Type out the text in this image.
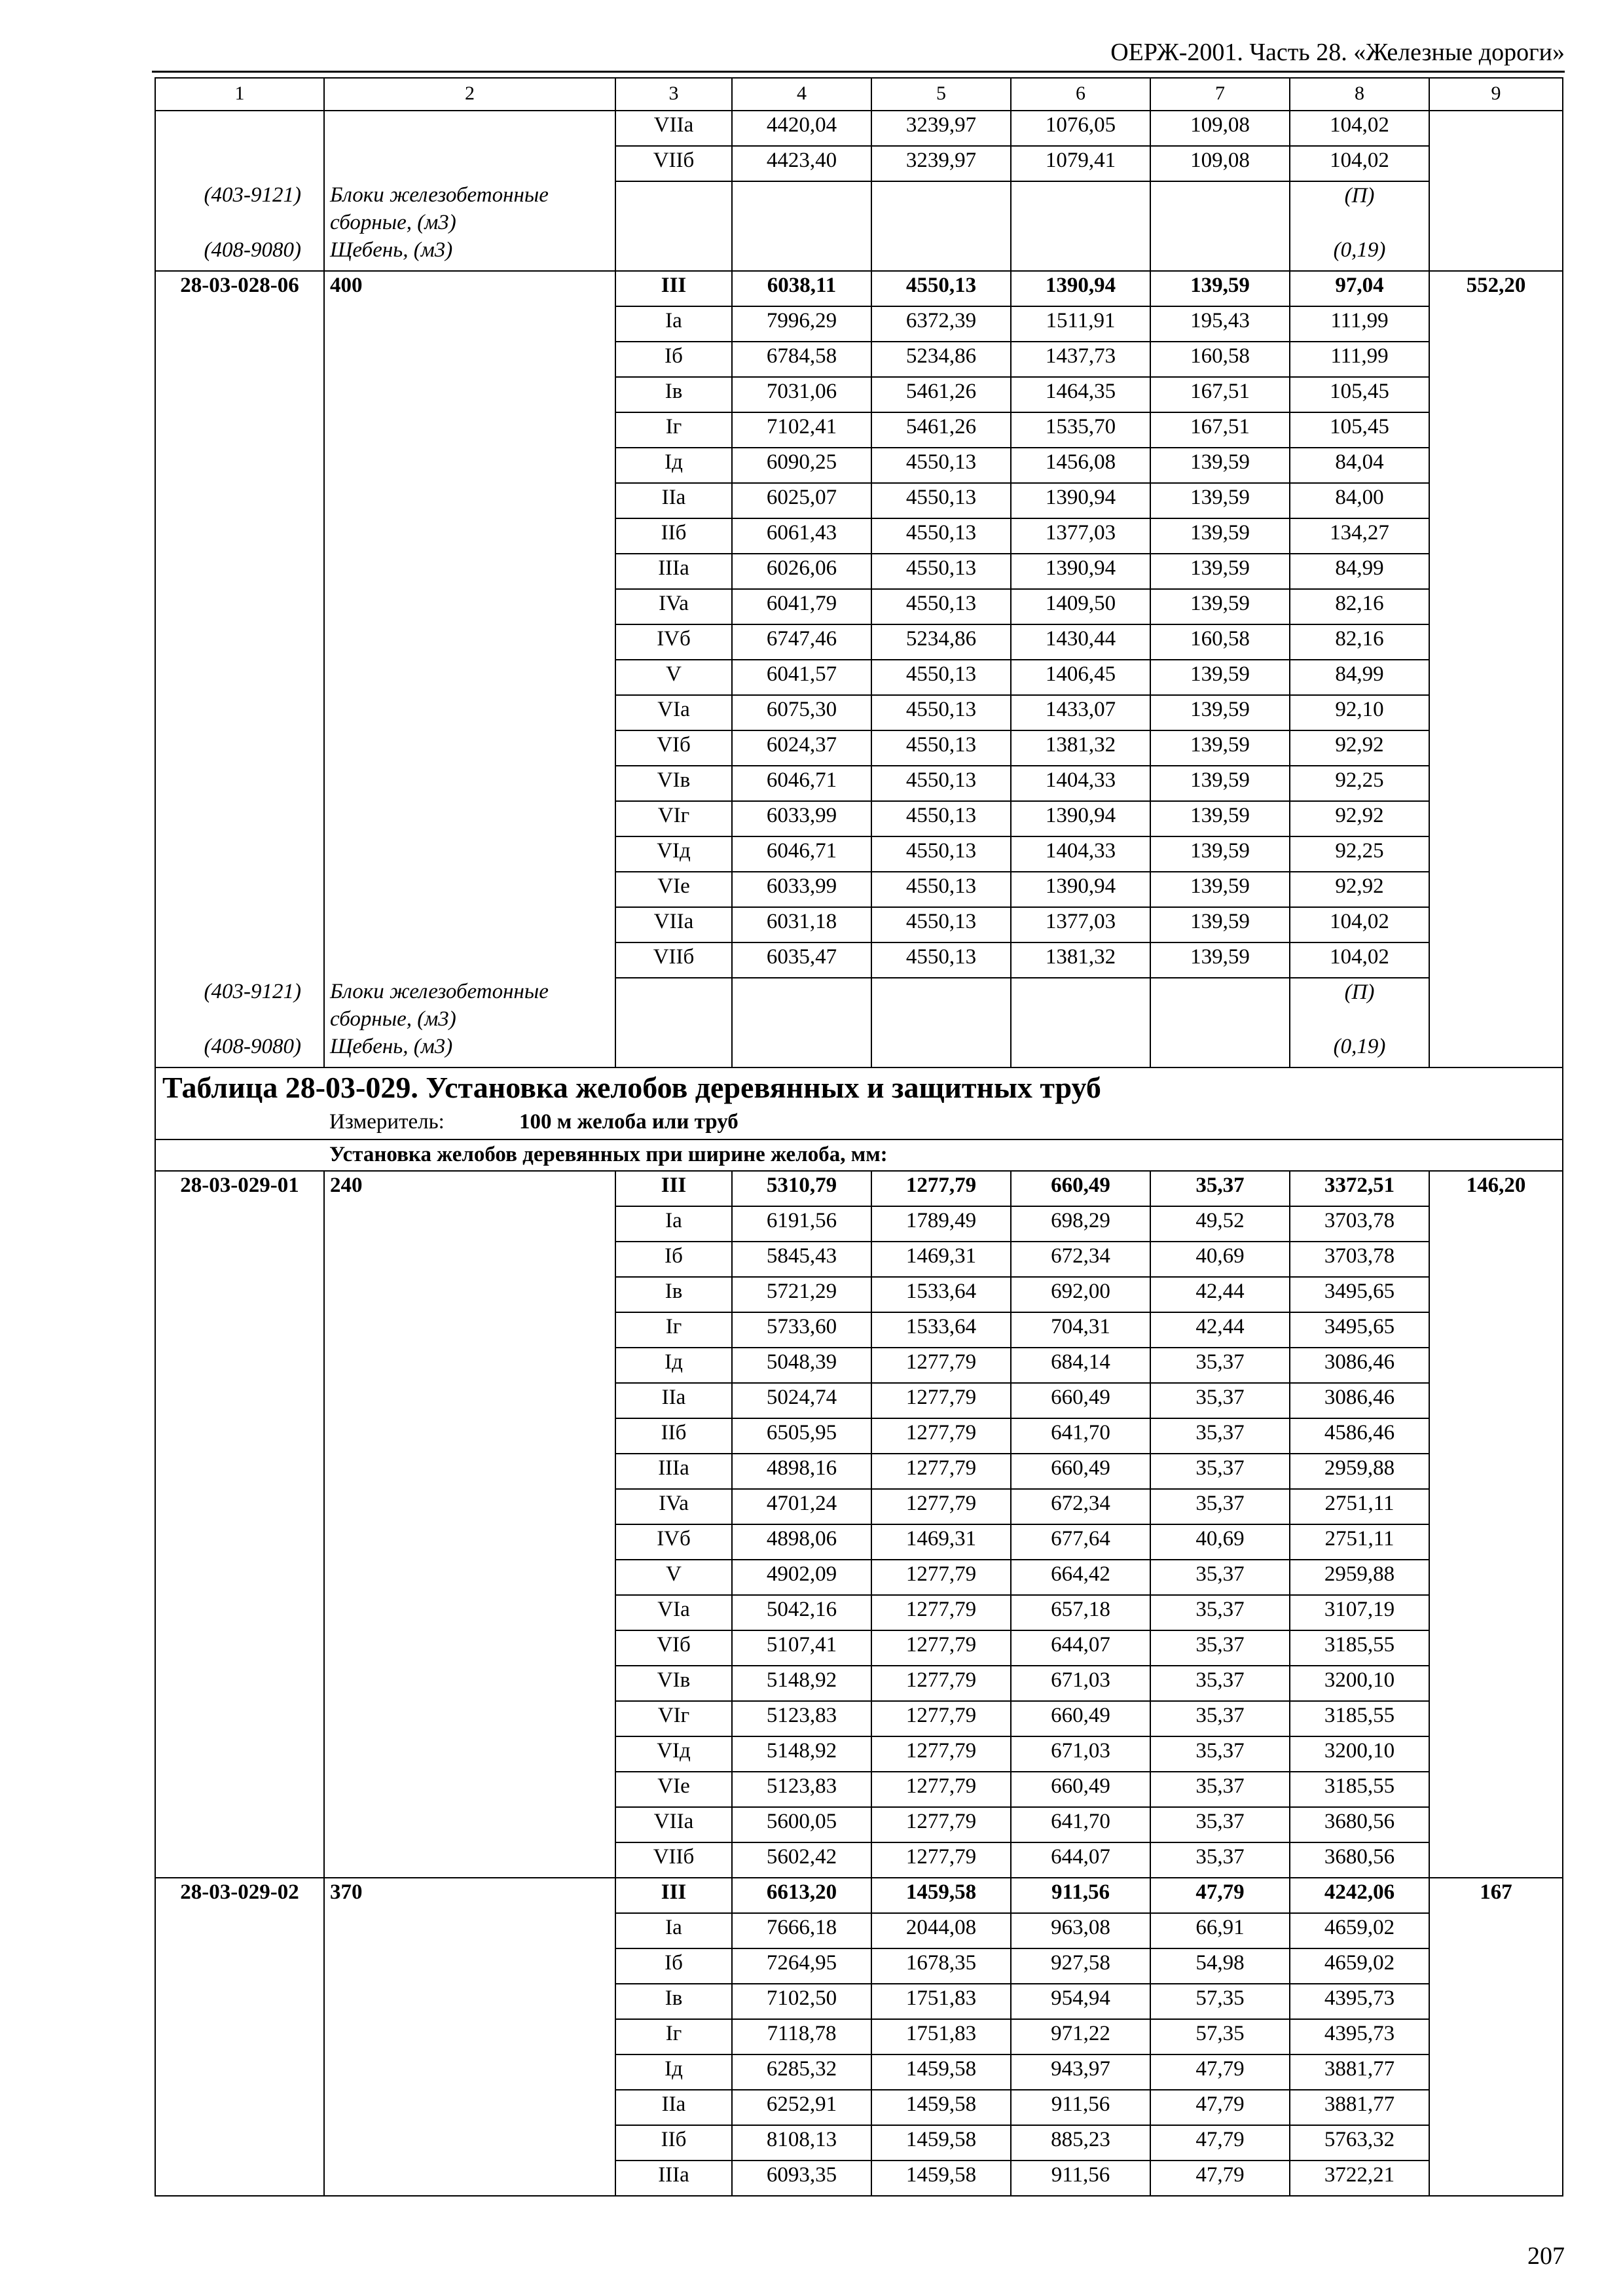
ОЕРЖ-2001. Часть 28. «Железные дороги»
1	2	3	4	5	6	7	8	9
		VIIa	4420,04	3239,97	1076,05	109,08	104,02	
		VIIб	4423,40	3239,97	1079,41	109,08	104,02	
(403-9121)	Блоки железобетонные сборные, (м3)						(П)	
(408-9080)	Щебень, (м3)						(0,19)	
28-03-028-06	400	III	6038,11	4550,13	1390,94	139,59	97,04	552,20
		Ia	7996,29	6372,39	1511,91	195,43	111,99	
		Iб	6784,58	5234,86	1437,73	160,58	111,99	
		Iв	7031,06	5461,26	1464,35	167,51	105,45	
		Iг	7102,41	5461,26	1535,70	167,51	105,45	
		Iд	6090,25	4550,13	1456,08	139,59	84,04	
		IIa	6025,07	4550,13	1390,94	139,59	84,00	
		IIб	6061,43	4550,13	1377,03	139,59	134,27	
		IIIa	6026,06	4550,13	1390,94	139,59	84,99	
		IVa	6041,79	4550,13	1409,50	139,59	82,16	
		IVб	6747,46	5234,86	1430,44	160,58	82,16	
		V	6041,57	4550,13	1406,45	139,59	84,99	
		VIa	6075,30	4550,13	1433,07	139,59	92,10	
		VIб	6024,37	4550,13	1381,32	139,59	92,92	
		VIв	6046,71	4550,13	1404,33	139,59	92,25	
		VIг	6033,99	4550,13	1390,94	139,59	92,92	
		VIд	6046,71	4550,13	1404,33	139,59	92,25	
		VIe	6033,99	4550,13	1390,94	139,59	92,92	
		VIIa	6031,18	4550,13	1377,03	139,59	104,02	
		VIIб	6035,47	4550,13	1381,32	139,59	104,02	
(403-9121)	Блоки железобетонные сборные, (м3)						(П)	
(408-9080)	Щебень, (м3)						(0,19)	
Таблица 28-03-029. Установка желобов деревянных и защитных труб								
	Измеритель: 100 м желоба или труб							
	Установка желобов деревянных при ширине желоба, мм:							
28-03-029-01	240	III	5310,79	1277,79	660,49	35,37	3372,51	146,20
		Ia	6191,56	1789,49	698,29	49,52	3703,78	
		Iб	5845,43	1469,31	672,34	40,69	3703,78	
		Iв	5721,29	1533,64	692,00	42,44	3495,65	
		Iг	5733,60	1533,64	704,31	42,44	3495,65	
		Iд	5048,39	1277,79	684,14	35,37	3086,46	
		IIa	5024,74	1277,79	660,49	35,37	3086,46	
		IIб	6505,95	1277,79	641,70	35,37	4586,46	
		IIIa	4898,16	1277,79	660,49	35,37	2959,88	
		IVa	4701,24	1277,79	672,34	35,37	2751,11	
		IVб	4898,06	1469,31	677,64	40,69	2751,11	
		V	4902,09	1277,79	664,42	35,37	2959,88	
		VIa	5042,16	1277,79	657,18	35,37	3107,19	
		VIб	5107,41	1277,79	644,07	35,37	3185,55	
		VIв	5148,92	1277,79	671,03	35,37	3200,10	
		VIг	5123,83	1277,79	660,49	35,37	3185,55	
		VIд	5148,92	1277,79	671,03	35,37	3200,10	
		VIe	5123,83	1277,79	660,49	35,37	3185,55	
		VIIa	5600,05	1277,79	641,70	35,37	3680,56	
		VIIб	5602,42	1277,79	644,07	35,37	3680,56	
28-03-029-02	370	III	6613,20	1459,58	911,56	47,79	4242,06	167
		Ia	7666,18	2044,08	963,08	66,91	4659,02	
		Iб	7264,95	1678,35	927,58	54,98	4659,02	
		Iв	7102,50	1751,83	954,94	57,35	4395,73	
		Iг	7118,78	1751,83	971,22	57,35	4395,73	
		Iд	6285,32	1459,58	943,97	47,79	3881,77	
		IIa	6252,91	1459,58	911,56	47,79	3881,77	
		IIб	8108,13	1459,58	885,23	47,79	5763,32	
		IIIa	6093,35	1459,58	911,56	47,79	3722,21	
207
